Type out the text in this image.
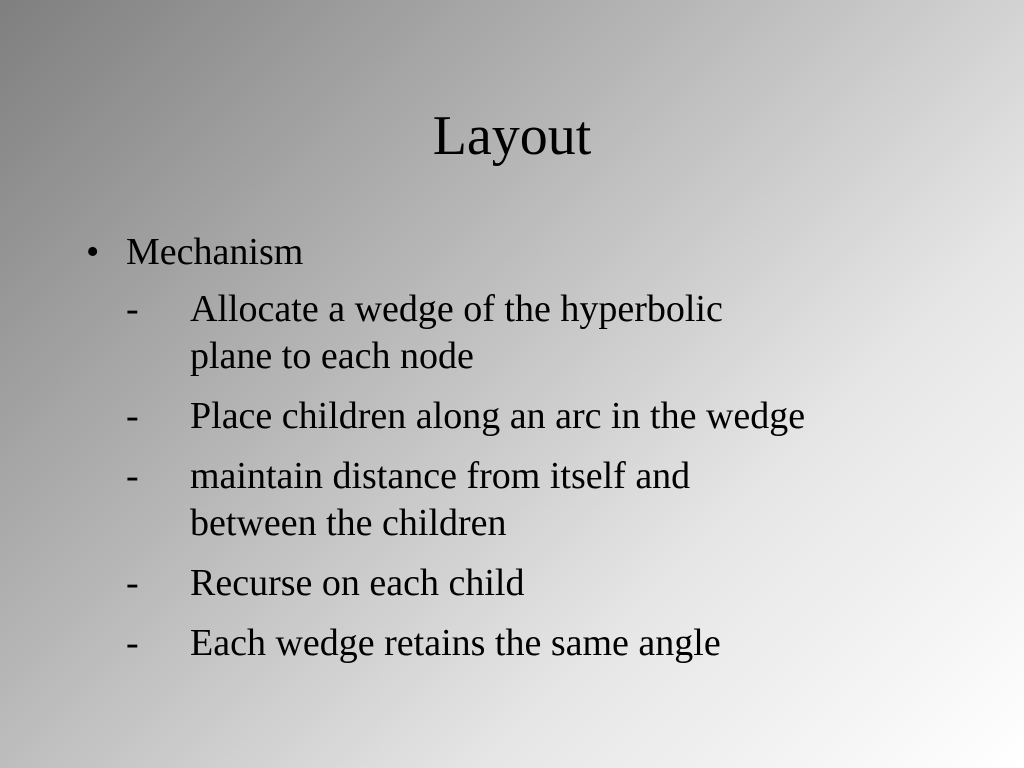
Layout
• Mechanism
- Allocate a wedge of the hyperbolic
plane to each node
- Place children along an arc in the wedge
- maintain distance from itself and
between the children
- Recurse on each child
- Each wedge retains the same angle
